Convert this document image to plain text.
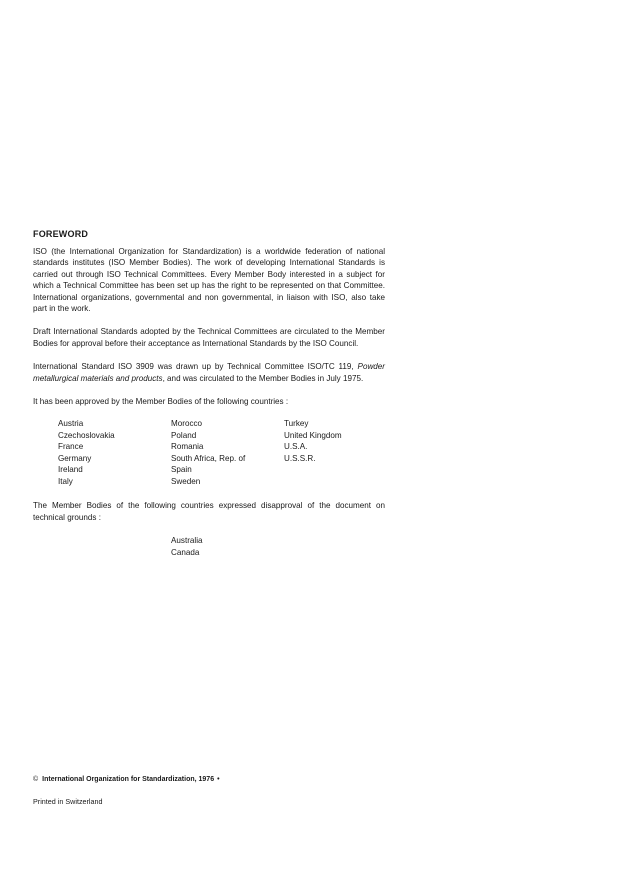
FOREWORD

ISO (the International Organization for Standardization) is a worldwide federation of national standards institutes (ISO Member Bodies). The work of developing International Standards is carried out through ISO Technical Committees. Every Member Body interested in a subject for which a Technical Committee has been set up has the right to be represented on that Committee. International organizations, governmental and non governmental, in liaison with ISO, also take part in the work.

Draft International Standards adopted by the Technical Committees are circulated to the Member Bodies for approval before their acceptance as International Standards by the ISO Council.

International Standard ISO 3909 was drawn up by Technical Committee ISO/TC 119, Powder metallurgical materials and products, and was circulated to the Member Bodies in July 1975.

It has been approved by the Member Bodies of the following countries :

Austria
Czechoslovakia
France
Germany
Ireland
Italy
Morocco
Poland
Romania
South Africa, Rep. of
Spain
Sweden
Turkey
United Kingdom
U.S.A.
U.S.S.R.

The Member Bodies of the following countries expressed disapproval of the document on technical grounds :

Australia
Canada
© International Organization for Standardization, 1976 •
Printed in Switzerland
